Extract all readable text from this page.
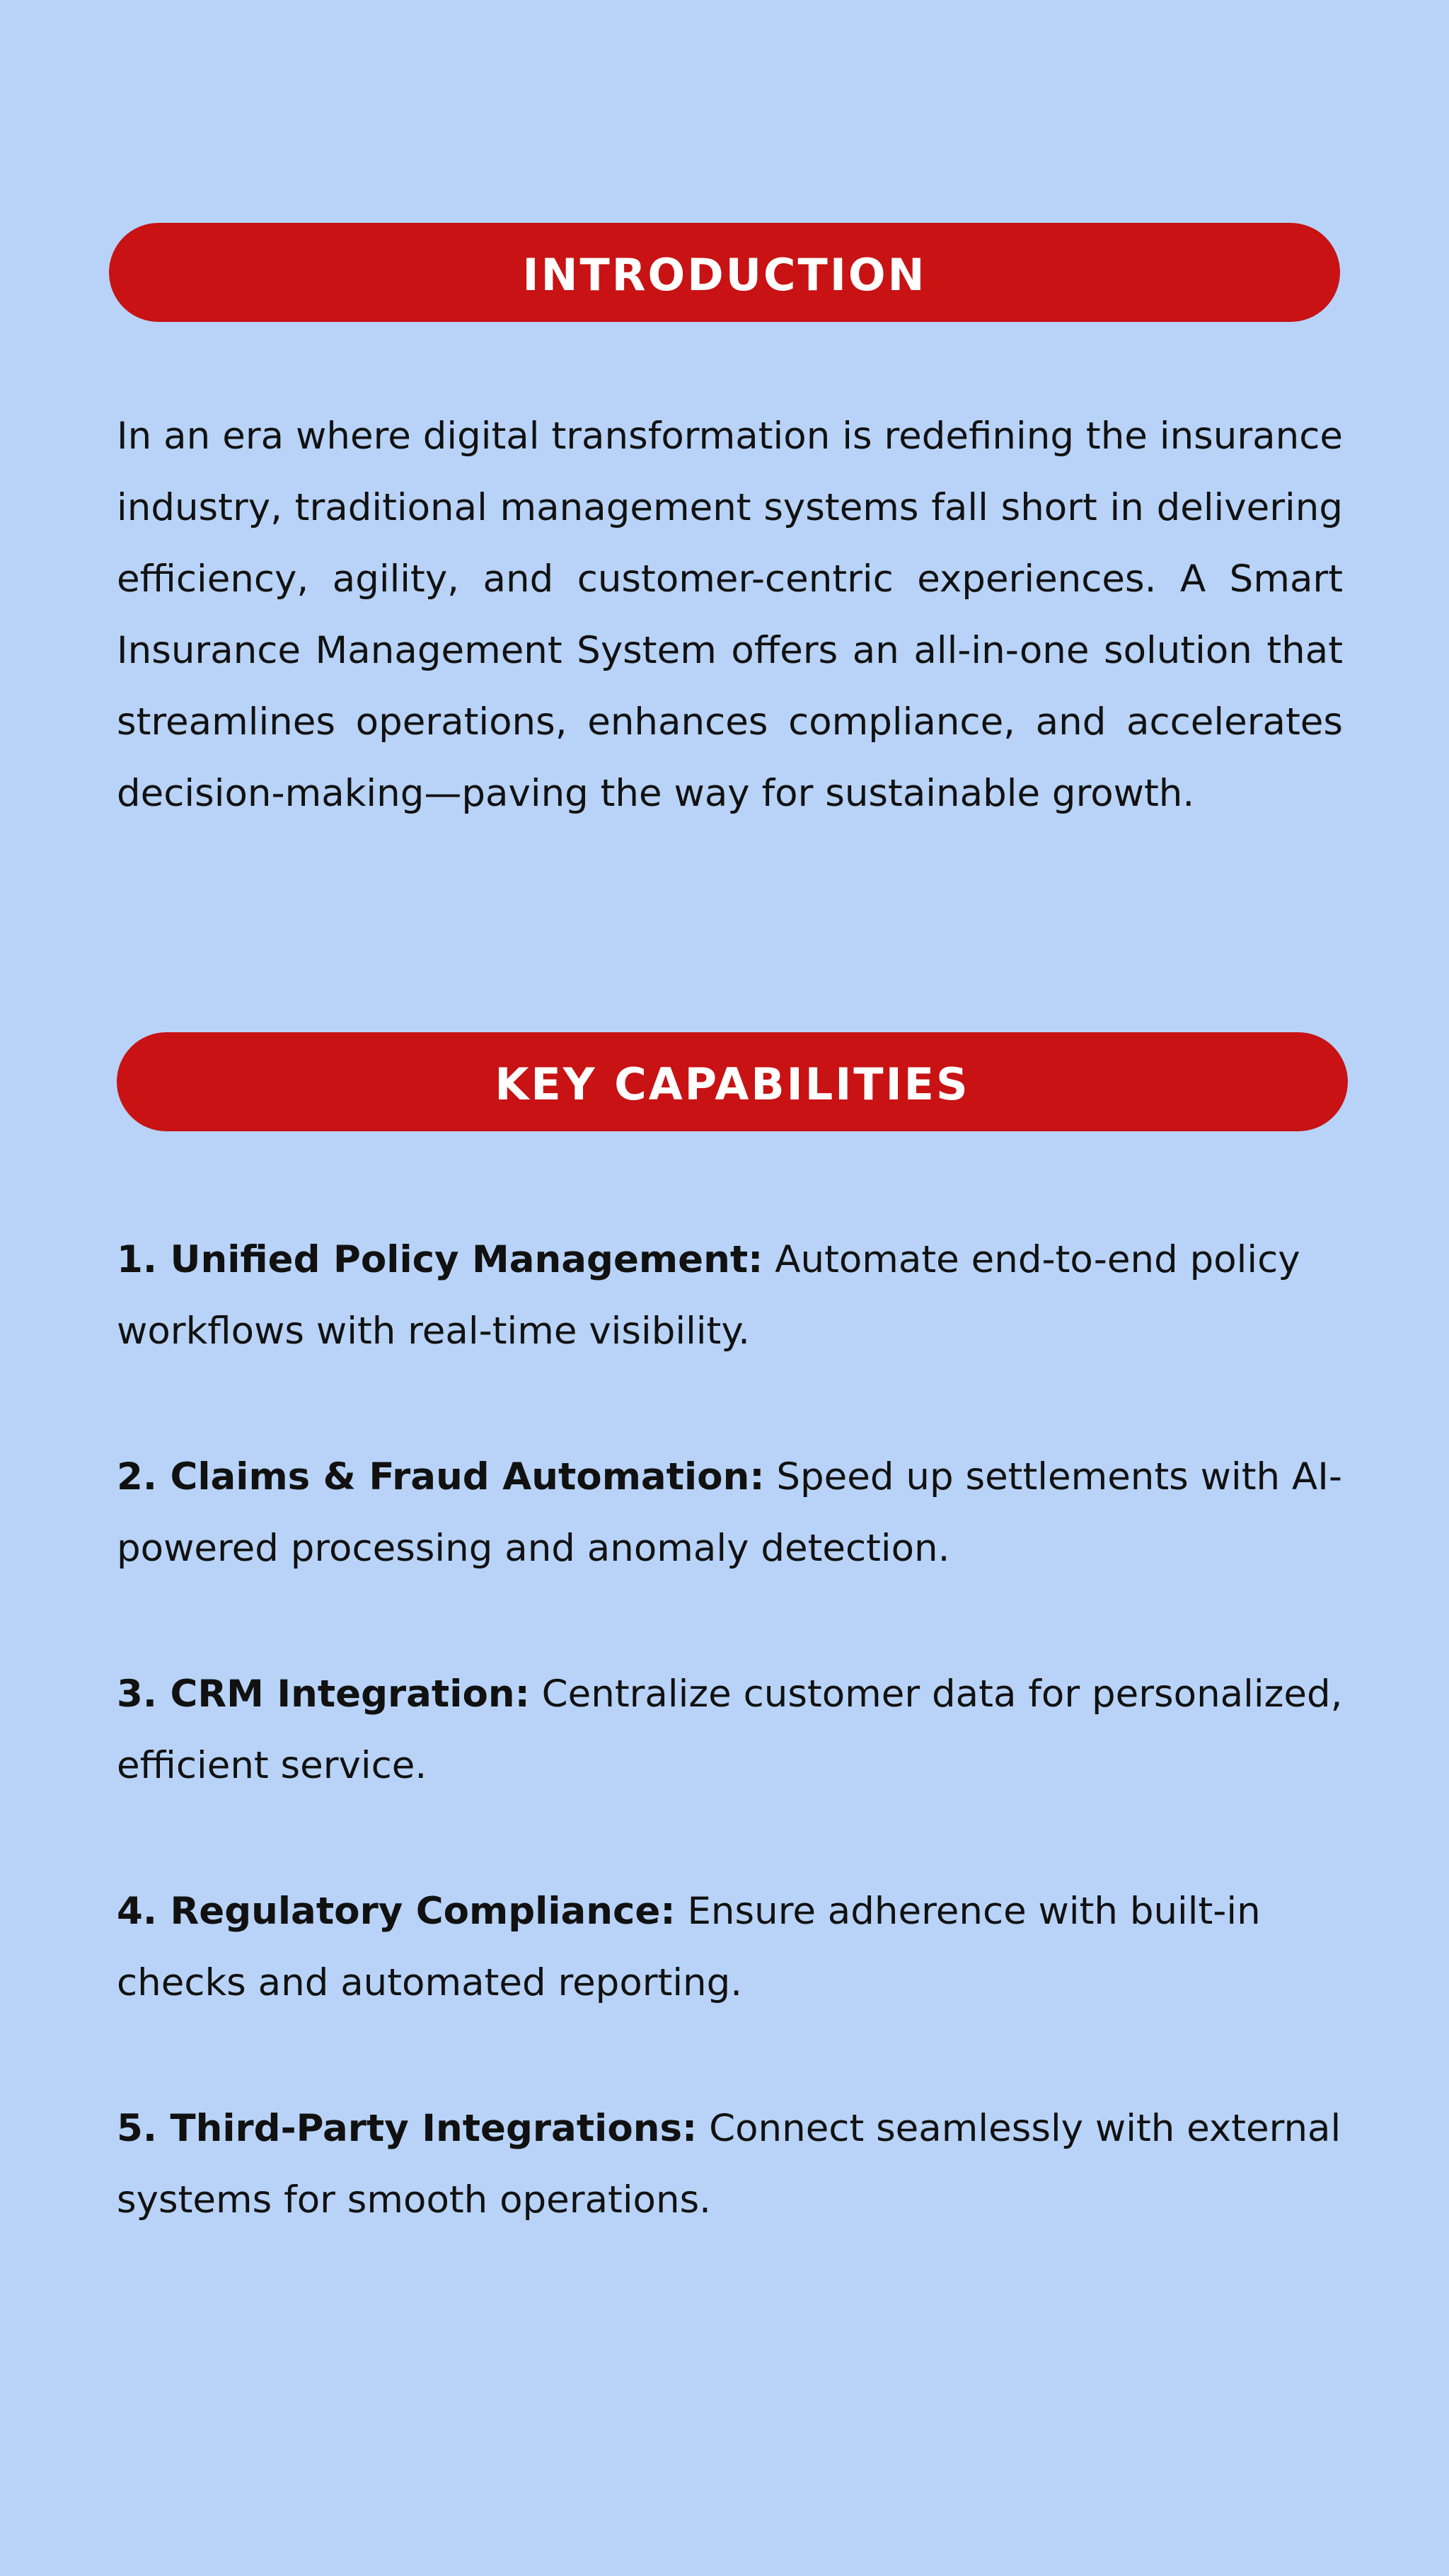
INTRODUCTION

In an era where digital transformation is redefining the insurance industry, traditional management systems fall short in delivering efficiency, agility, and customer-centric experiences. A Smart Insurance Management System offers an all-in-one solution that streamlines operations, enhances compliance, and accelerates decision-making—paving the way for sustainable growth.

KEY CAPABILITIES
1. Unified Policy Management: Automate end-to-end policy workflows with real-time visibility.
2. Claims & Fraud Automation: Speed up settlements with AI-powered processing and anomaly detection.
3. CRM Integration: Centralize customer data for personalized, efficient service.
4. Regulatory Compliance: Ensure adherence with built-in checks and automated reporting.
5. Third-Party Integrations: Connect seamlessly with external systems for smooth operations.
